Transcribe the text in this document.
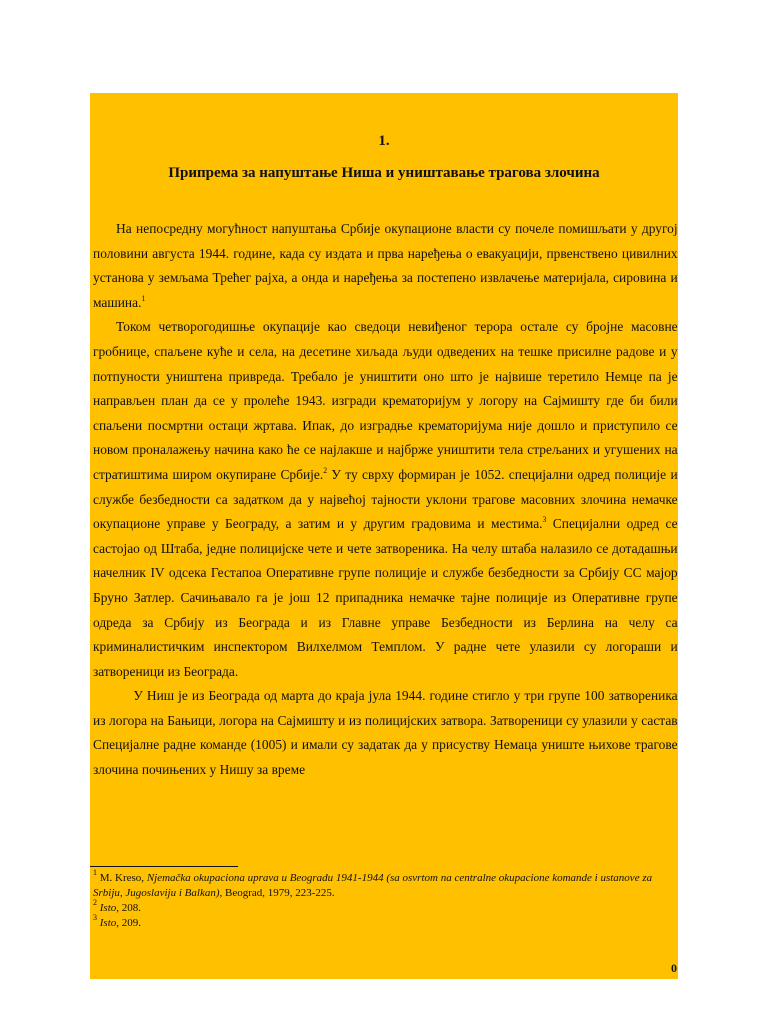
1.
Припрема за напуштање Ниша и уништавање трагова злочина

На непосредну могућност напуштања Србије окупационе власти су почеле помишљати у другој половини августа 1944. године, када су издата и прва наређења о евакуацији, првенствено цивилних установа у земљама Трећег рајха, а онда и наређења за постепено извлачење материјала, сировина и машина.$^1$

Током четворогодишње окупације као сведоци невиђеног терора остале су бројне масовне гробнице, спаљене куће и села, на десетине хиљада људи одведених на тешке присилне радове и у потпуности уништена привреда. Требало је уништити оно што је највише теретило Немце па је направљен план да се у пролеће 1943. изгради крематоријум у логору на Сајмишту где би били спаљени посмртни остаци жртава. Ипак, до изградње крематоријума није дошло и приступило се новом проналажењу начина како ће се најлакше и најбрже уништити тела стрељаних и угушених на стратиштима широм окупиране Србије.$^2$ У ту сврху формиран је 1052. специјални одред полиције и службе безбедности са задатком да у највећој тајности уклони трагове масовних злочина немачке окупационе управе у Београду, а затим и у другим градовима и местима.$^3$ Специјални одред се састојао од Штаба, једне полицијске чете и чете затвореника. На челу штаба налазило се дотадашњи начелник IV одсека Гестапоа Оперативне групе полиције и службе безбедности за Србију СС мајор Бруно Затлер. Сачињавало га је још 12 припадника немачке тајне полиције из Оперативне групе одреда за Србију из Београда и из Главне управе Безбедности из Берлина на челу са криминалистичким инспектором Вилхелмом Темплом. У радне чете улазили су логораши и затвореници из Београда.

У Ниш је из Београда од марта до краја јула 1944. године стигло у три групе 100 затвореника из логора на Бањици, логора на Сајмишту и из полицијских затвора. Затвореници су улазили у састав Специјалне радне команде (1005) и имали су задатак да у присуству Немаца униште њихове трагове злочина почињених у Нишу за време

$^1$ M. Kreso, Njemačka okupaciona uprava u Beogradu 1941-1944 (sa osvrtom na centralne okupacione komande i ustanove za Srbiju, Jugoslaviju i Balkan), Beograd, 1979, 223-225.
$^2$ Isto, 208.
$^3$ Isto, 209.
0
